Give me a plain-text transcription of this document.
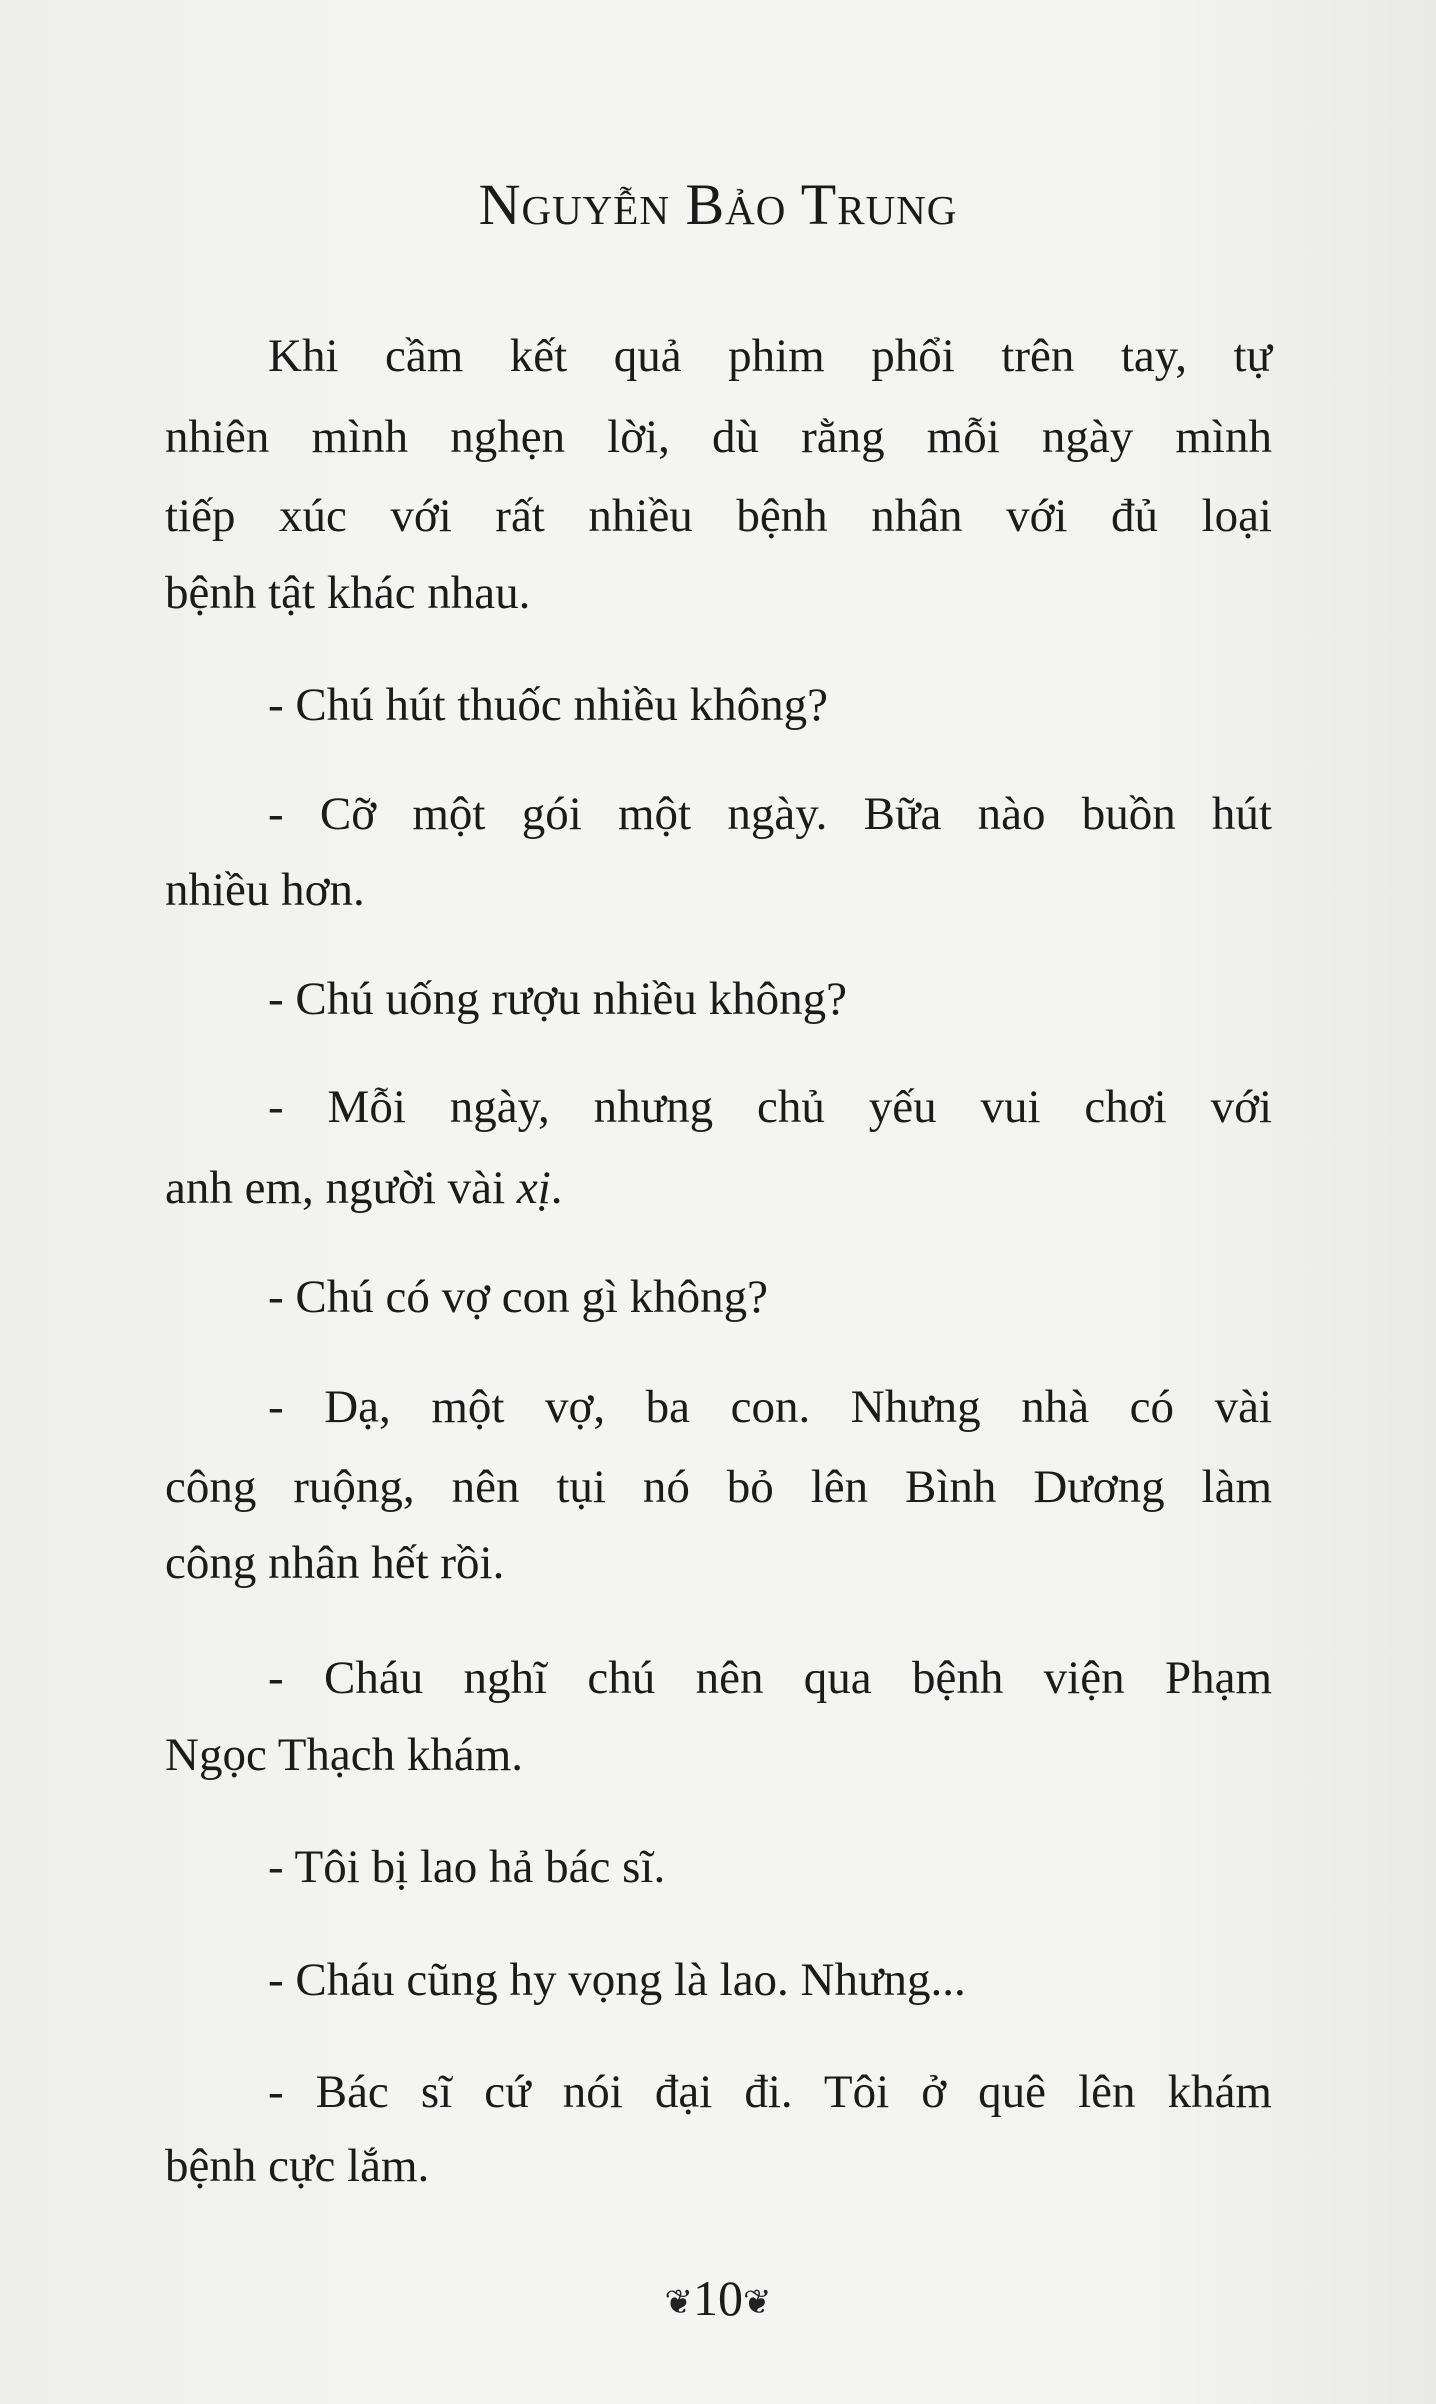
Nguyễn Bảo Trung
Khi cầm kết quả phim phổi trên tay, tự
nhiên mình nghẹn lời, dù rằng mỗi ngày mình
tiếp xúc với rất nhiều bệnh nhân với đủ loại
bệnh tật khác nhau.
- Chú hút thuốc nhiều không?
- Cỡ một gói một ngày. Bữa nào buồn hút
nhiều hơn.
- Chú uống rượu nhiều không?
- Mỗi ngày, nhưng chủ yếu vui chơi với
anh em, người vài xị.
- Chú có vợ con gì không?
- Dạ, một vợ, ba con. Nhưng nhà có vài
công ruộng, nên tụi nó bỏ lên Bình Dương làm
công nhân hết rồi.
- Cháu nghĩ chú nên qua bệnh viện Phạm
Ngọc Thạch khám.
- Tôi bị lao hả bác sĩ.
- Cháu cũng hy vọng là lao. Nhưng...
- Bác sĩ cứ nói đại đi. Tôi ở quê lên khám
bệnh cực lắm.
❦10❦
